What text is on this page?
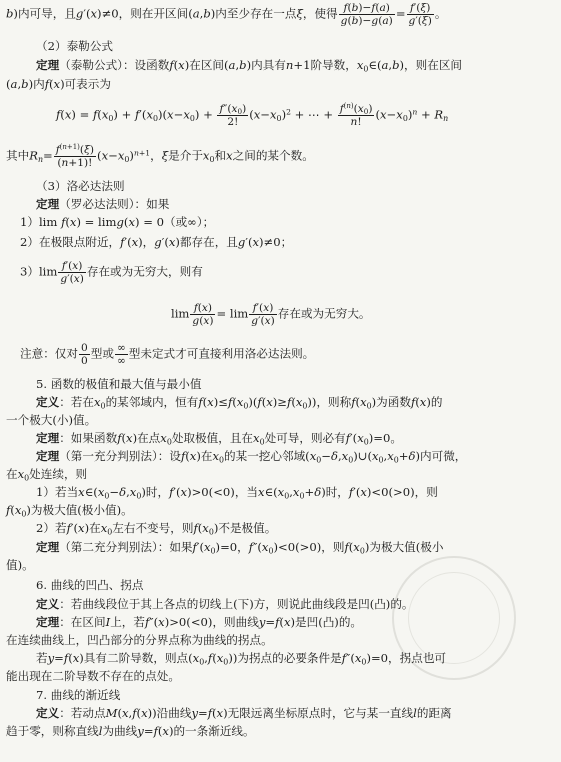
b)内可导，且g′(x)≠0，则在开区间(a,b)内至少存在一点ξ，使得 $\frac{f(b)-f(a)}{g(b)-g(a)} = \frac{f'(\xi)}{g'(\xi)}$ 。
（2）泰勒公式
定理（泰勒公式）：设函数f(x)在区间(a,b)内具有n+1阶导数，$x_0\in(a,b)$，则在区间
(a,b)内f(x)可表示为
$f(x) = f(x_0) + f'(x_0)(x-x_0) + \frac{f''(x_0)}{2!} (x-x_0)^2$ + ⋯ + $\frac{f^{(n)}(x_0)}{n!} (x-x_0)^n + R_n$
其中$R_n= \frac{f^{(n+1)}(\xi)}{(n+1)!} (x-x_0)^{n+1}$，ξ是介于$x_0$和x之间的某个数。
（3）洛必达法则
定理（罗必达法则）：如果
1）lim f(x) = limg(x) = 0（或∞）；
2）在极限点附近，f′(x)，g′(x)都存在，且g′(x)≠0；
$3)\lim \frac{f'(x)}{g'(x)}$ 存在或为无穷大，则有
$\lim \frac{f(x)}{g(x)} = \lim \frac{f'(x)}{g'(x)}$ 存在或为无穷大。
注意：仅对 $\frac{0}{0}$ 型或 $\frac{\infty}{\infty}$ 型未定式才可直接利用洛必达法则。
5. 函数的极值和最大值与最小值
定义：若在$x_0$的某邻域内，恒有$f(x)\le f(x_0)(f(x)\ge f(x_0))$，则称$f(x_0)$为函数f(x)的
一个极大(小)值。
定理：如果函数f(x)在点$x_0$处取极值，且在$x_0$处可导，则必有$f'(x_0)=0$。
定理（第一充分判别法）：设f(x)在$x_0$的某一挖心邻域$(x_0-\delta,x_0)\cup(x_0,x_0+\delta)$内可微，
在$x_0$处连续，则
1）若当$x\in(x_0-\delta,x_0)$时，f′(x)>0(<0)，当$x\in(x_0,x_0+\delta)$时，f′(x)<0(>0)，则
$f(x_0)$为极大值(极小值)。
2）若f′(x)在$x_0$左右不变号，则$f(x_0)$不是极值。
定理（第二充分判别法）：如果$f'(x_0)=0$，$f''(x_0)<0(>0)$，则$f(x_0)$为极大值(极小
值)。
6. 曲线的凹凸、拐点
定义：若曲线段位于其上各点的切线上(下)方，则说此曲线段是凹(凸)的。
定理：在区间I上，若f″(x)>0(<0)，则曲线y=f(x)是凹(凸)的。
在连续曲线上，凹凸部分的分界点称为曲线的拐点。
若y=f(x)具有二阶导数，则点$(x_0,f(x_0))$为拐点的必要条件是$f''(x_0)=0$，拐点也可
能出现在二阶导数不存在的点处。
7. 曲线的渐近线
定义：若动点M(x,f(x))沿曲线y=f(x)无限远离坐标原点时，它与某一直线l的距离
趋于零，则称直线l为曲线y=f(x)的一条渐近线。
